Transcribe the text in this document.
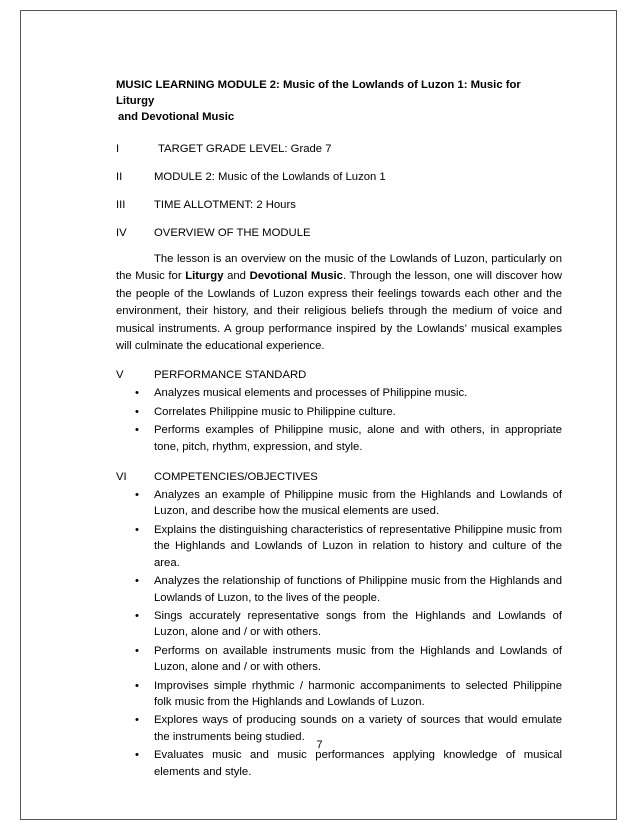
MUSIC LEARNING MODULE 2: Music of the Lowlands of Luzon 1: Music for Liturgy
and Devotional Music

I	TARGET GRADE LEVEL: Grade 7
II	MODULE 2: Music of the Lowlands of Luzon 1
III	TIME ALLOTMENT: 2 Hours
IV	OVERVIEW OF THE MODULE

The lesson is an overview on the music of the Lowlands of Luzon, particularly on the Music for Liturgy and Devotional Music. Through the lesson, one will discover how the people of the Lowlands of Luzon express their feelings towards each other and the environment, their history, and their religious beliefs through the medium of voice and musical instruments. A group performance inspired by the Lowlands’ musical examples will culminate the educational experience.

V	PERFORMANCE STANDARD
• Analyzes musical elements and processes of Philippine music.
• Correlates Philippine music to Philippine culture.
• Performs examples of Philippine music, alone and with others, in appropriate tone, pitch, rhythm, expression, and style.
VI	COMPETENCIES/OBJECTIVES
• Analyzes an example of Philippine music from the Highlands and Lowlands of Luzon, and describe how the musical elements are used.
• Explains the distinguishing characteristics of representative Philippine music from the Highlands and Lowlands of Luzon in relation to history and culture of the area.
• Analyzes the relationship of functions of Philippine music from the Highlands and Lowlands of Luzon, to the lives of the people.
• Sings accurately representative songs from the Highlands and Lowlands of Luzon, alone and / or with others.
• Performs on available instruments music from the Highlands and Lowlands of Luzon, alone and / or with others.
• Improvises simple rhythmic / harmonic accompaniments to selected Philippine folk music from the Highlands and Lowlands of Luzon.
• Explores ways of producing sounds on a variety of sources that would emulate the instruments being studied.
• Evaluates music and music performances applying knowledge of musical elements and style.
7
